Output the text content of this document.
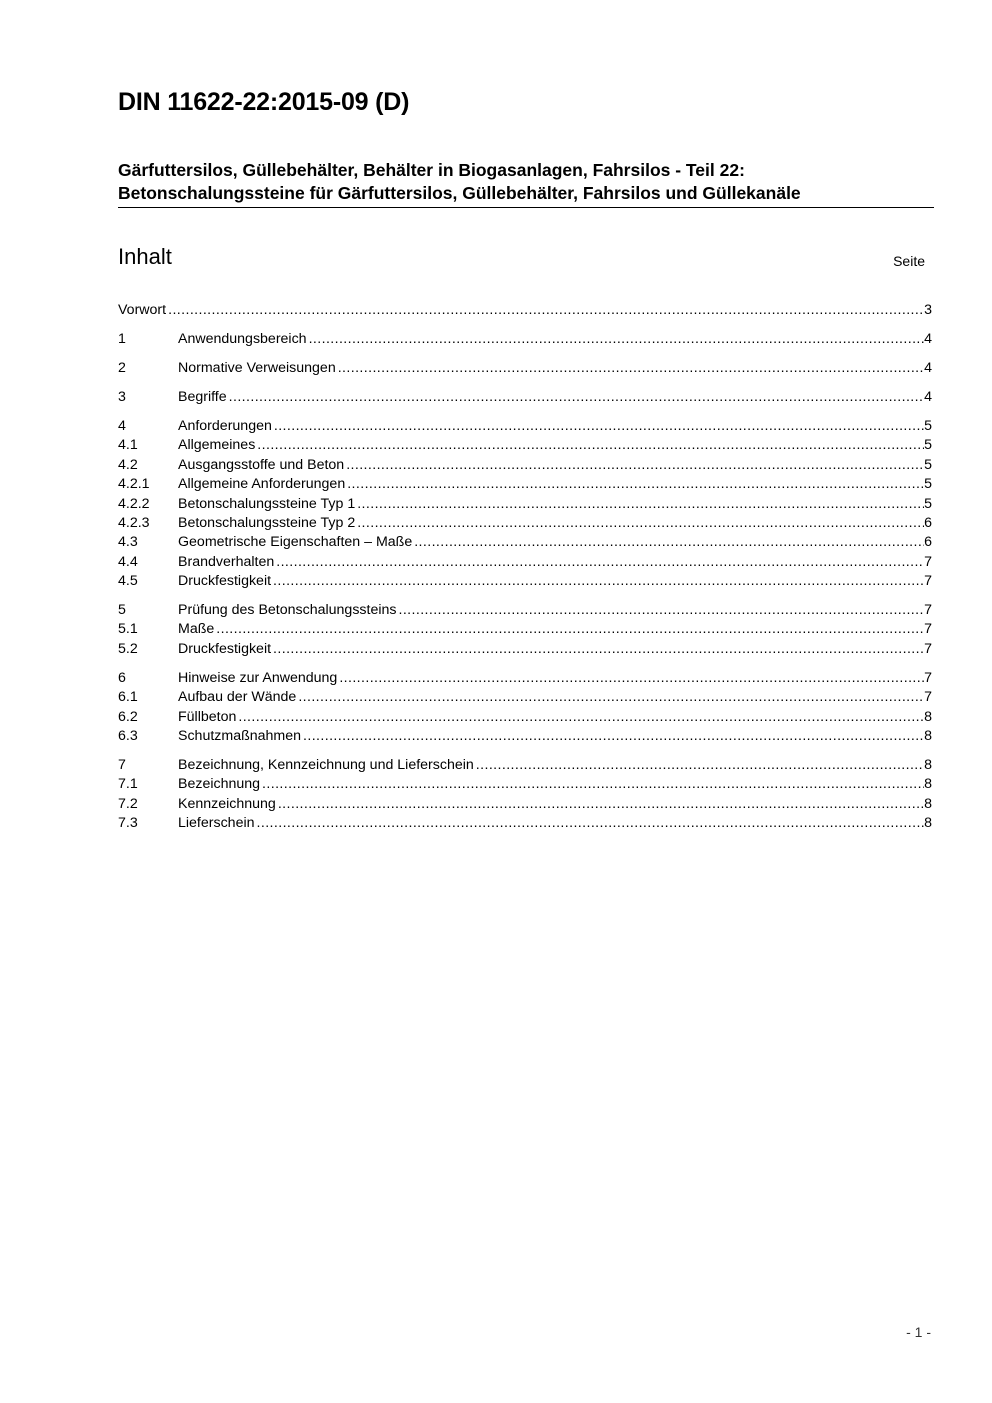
DIN 11622-22:2015-09 (D)
Gärfuttersilos, Güllebehälter, Behälter in Biogasanlagen, Fahrsilos - Teil 22:
Betonschalungssteine für Gärfuttersilos, Güllebehälter, Fahrsilos und Güllekanäle
Inhalt	Seite
Vorwort .....	3
1	Anwendungsbereich .....	4
2	Normative Verweisungen .....	4
3	Begriffe .....	4
4	Anforderungen .....	5
4.1	Allgemeines .....	5
4.2	Ausgangsstoffe und Beton .....	5
4.2.1	Allgemeine Anforderungen .....	5
4.2.2	Betonschalungssteine Typ 1 .....	5
4.2.3	Betonschalungssteine Typ 2 .....	6
4.3	Geometrische Eigenschaften – Maße .....	6
4.4	Brandverhalten .....	7
4.5	Druckfestigkeit .....	7
5	Prüfung des Betonschalungssteins .....	7
5.1	Maße .....	7
5.2	Druckfestigkeit .....	7
6	Hinweise zur Anwendung .....	7
6.1	Aufbau der Wände .....	7
6.2	Füllbeton .....	8
6.3	Schutzmaßnahmen .....	8
7	Bezeichnung, Kennzeichnung und Lieferschein .....	8
7.1	Bezeichnung .....	8
7.2	Kennzeichnung .....	8
7.3	Lieferschein .....	8
- 1 -
